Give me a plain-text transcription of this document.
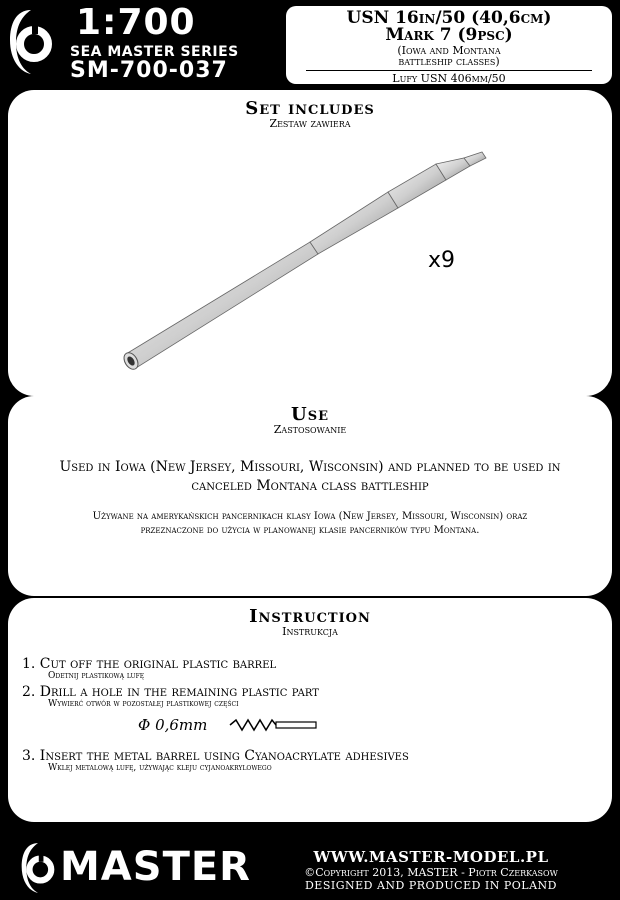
1:700
SEA MASTER SERIES
SM-700-037
USN 16in/50 (40,6cm)
Mark 7 (9psc)
(Iowa and Montana
battleship classes)
Lufy USN 406mm/50
Set includes
Zestaw zawiera
x9
Use
Zastosowanie
Used in Iowa (New Jersey, Missouri, Wisconsin) and planned to be used in canceled Montana class battleship
Używane na amerykańskich pancernikach klasy Iowa (New Jersey, Missouri, Wisconsin) oraz przeznaczone do użycia w planowanej klasie pancerników typu Montana.
Instruction
Instrukcja
1. Cut off the original plastic barrel
Odetnij plastikową lufę
2. Drill a hole in the remaining plastic part
Wywierć otwór w pozostałej plastikowej części
Φ 0,6mm
3. Insert the metal barrel using Cyanoacrylate adhesives
Wklej metalową lufę, używając kleju cyjanoakrylowego
MASTER	WWW.MASTER-MODEL.PL
©Copyright 2013, MASTER - Piotr Czerkasow
DESIGNED AND PRODUCED IN POLAND
